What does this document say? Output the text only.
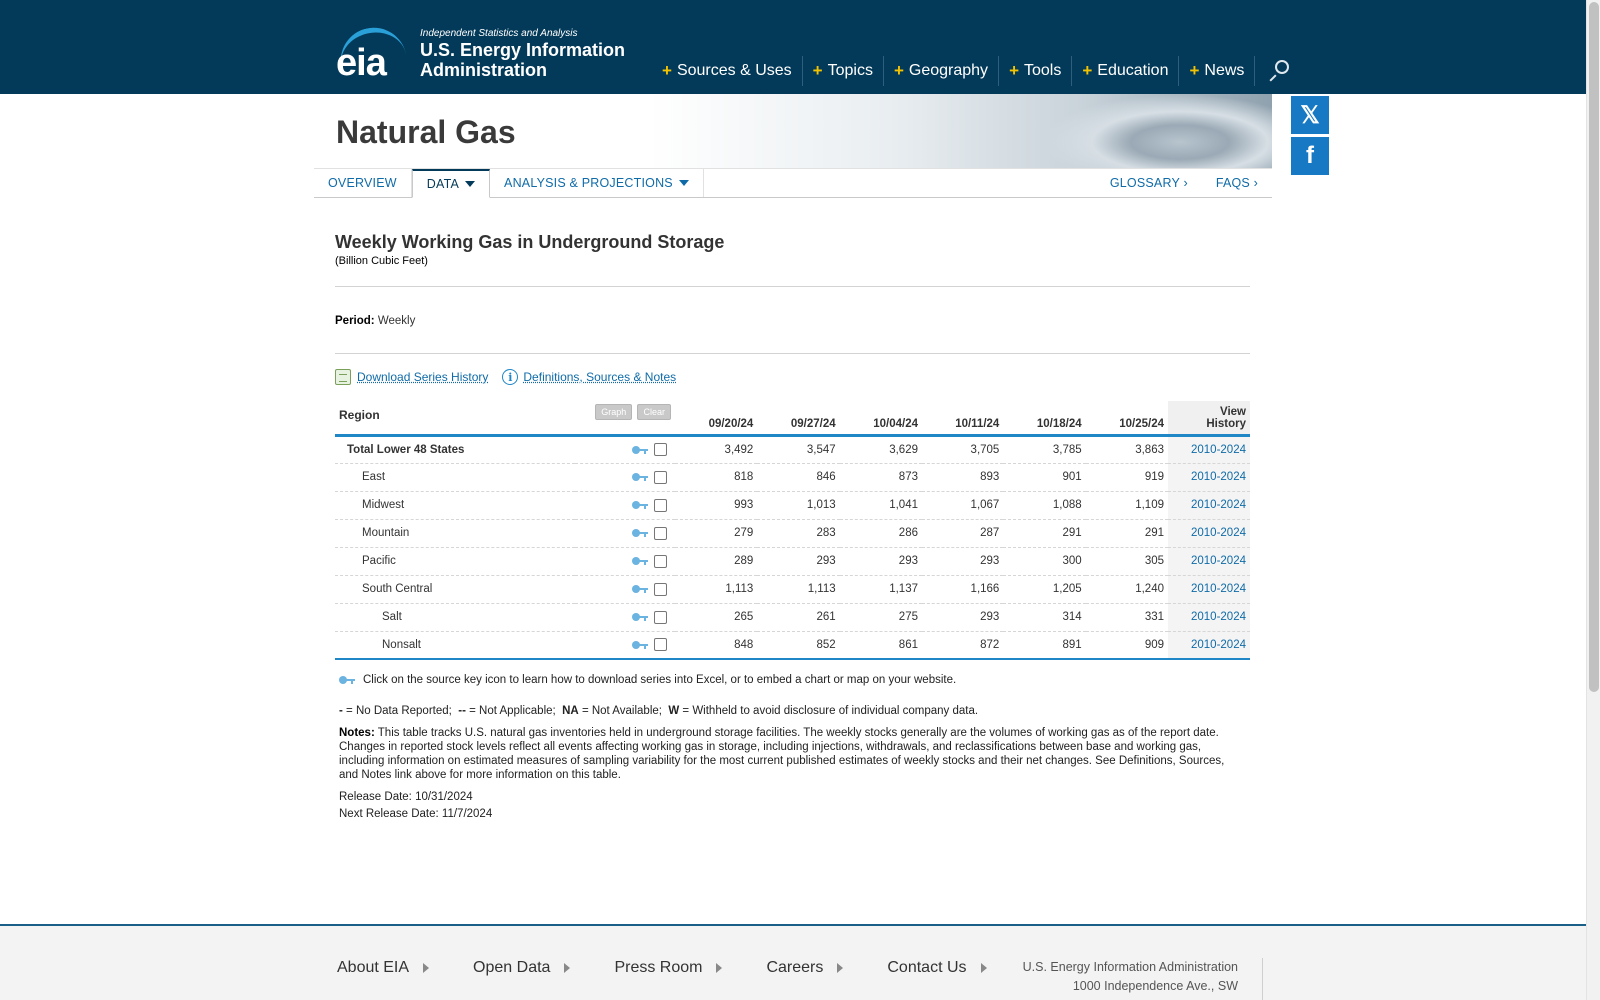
eia
Independent Statistics and Analysis
U.S. Energy Information
Administration	+ Sources & Uses + Topics + Geography + Tools + Education + News
𝕏
f
Natural Gas
OVERVIEW DATA	ANALYSIS & PROJECTIONS	GLOSSARY ›	FAQS ›
Weekly Working Gas in Underground Storage
(Billion Cubic Feet)
Period: Weekly
Download Series History	i Definitions, Sources & Notes
Region	Graph Clear	09/20/24	09/27/24	10/04/24	10/11/24	10/18/24	10/25/24	View
History

Total Lower 48 States		3,492	3,547	3,629	3,705	3,785	3,863	2010-2024
East		818	846	873	893	901	919	2010-2024
Midwest		993	1,013	1,041	1,067	1,088	1,109	2010-2024
Mountain		279	283	286	287	291	291	2010-2024
Pacific		289	293	293	293	300	305	2010-2024
South Central		1,113	1,113	1,137	1,166	1,205	1,240	2010-2024
Salt		265	261	275	293	314	331	2010-2024
Nonsalt		848	852	861	872	891	909	2010-2024
Click on the source key icon to learn how to download series into Excel, or to embed a chart or map on your website.
- = No Data Reported;  -- = Not Applicable;  NA = Not Available;  W = Withheld to avoid disclosure of individual company data.
Notes: This table tracks U.S. natural gas inventories held in underground storage facilities. The weekly stocks generally are the volumes of working gas as of the report date. Changes in reported stock levels reflect all events affecting working gas in storage, including injections, withdrawals, and reclassifications between base and working gas, including information on estimated measures of sampling variability for the most current published estimates of weekly stocks and their net changes. See Definitions, Sources, and Notes link above for more information on this table.
Release Date: 10/31/2024
Next Release Date: 11/7/2024
About EIA	Open Data	Press Room	Careers	Contact Us	U.S. Energy Information Administration
1000 Independence Ave., SW
